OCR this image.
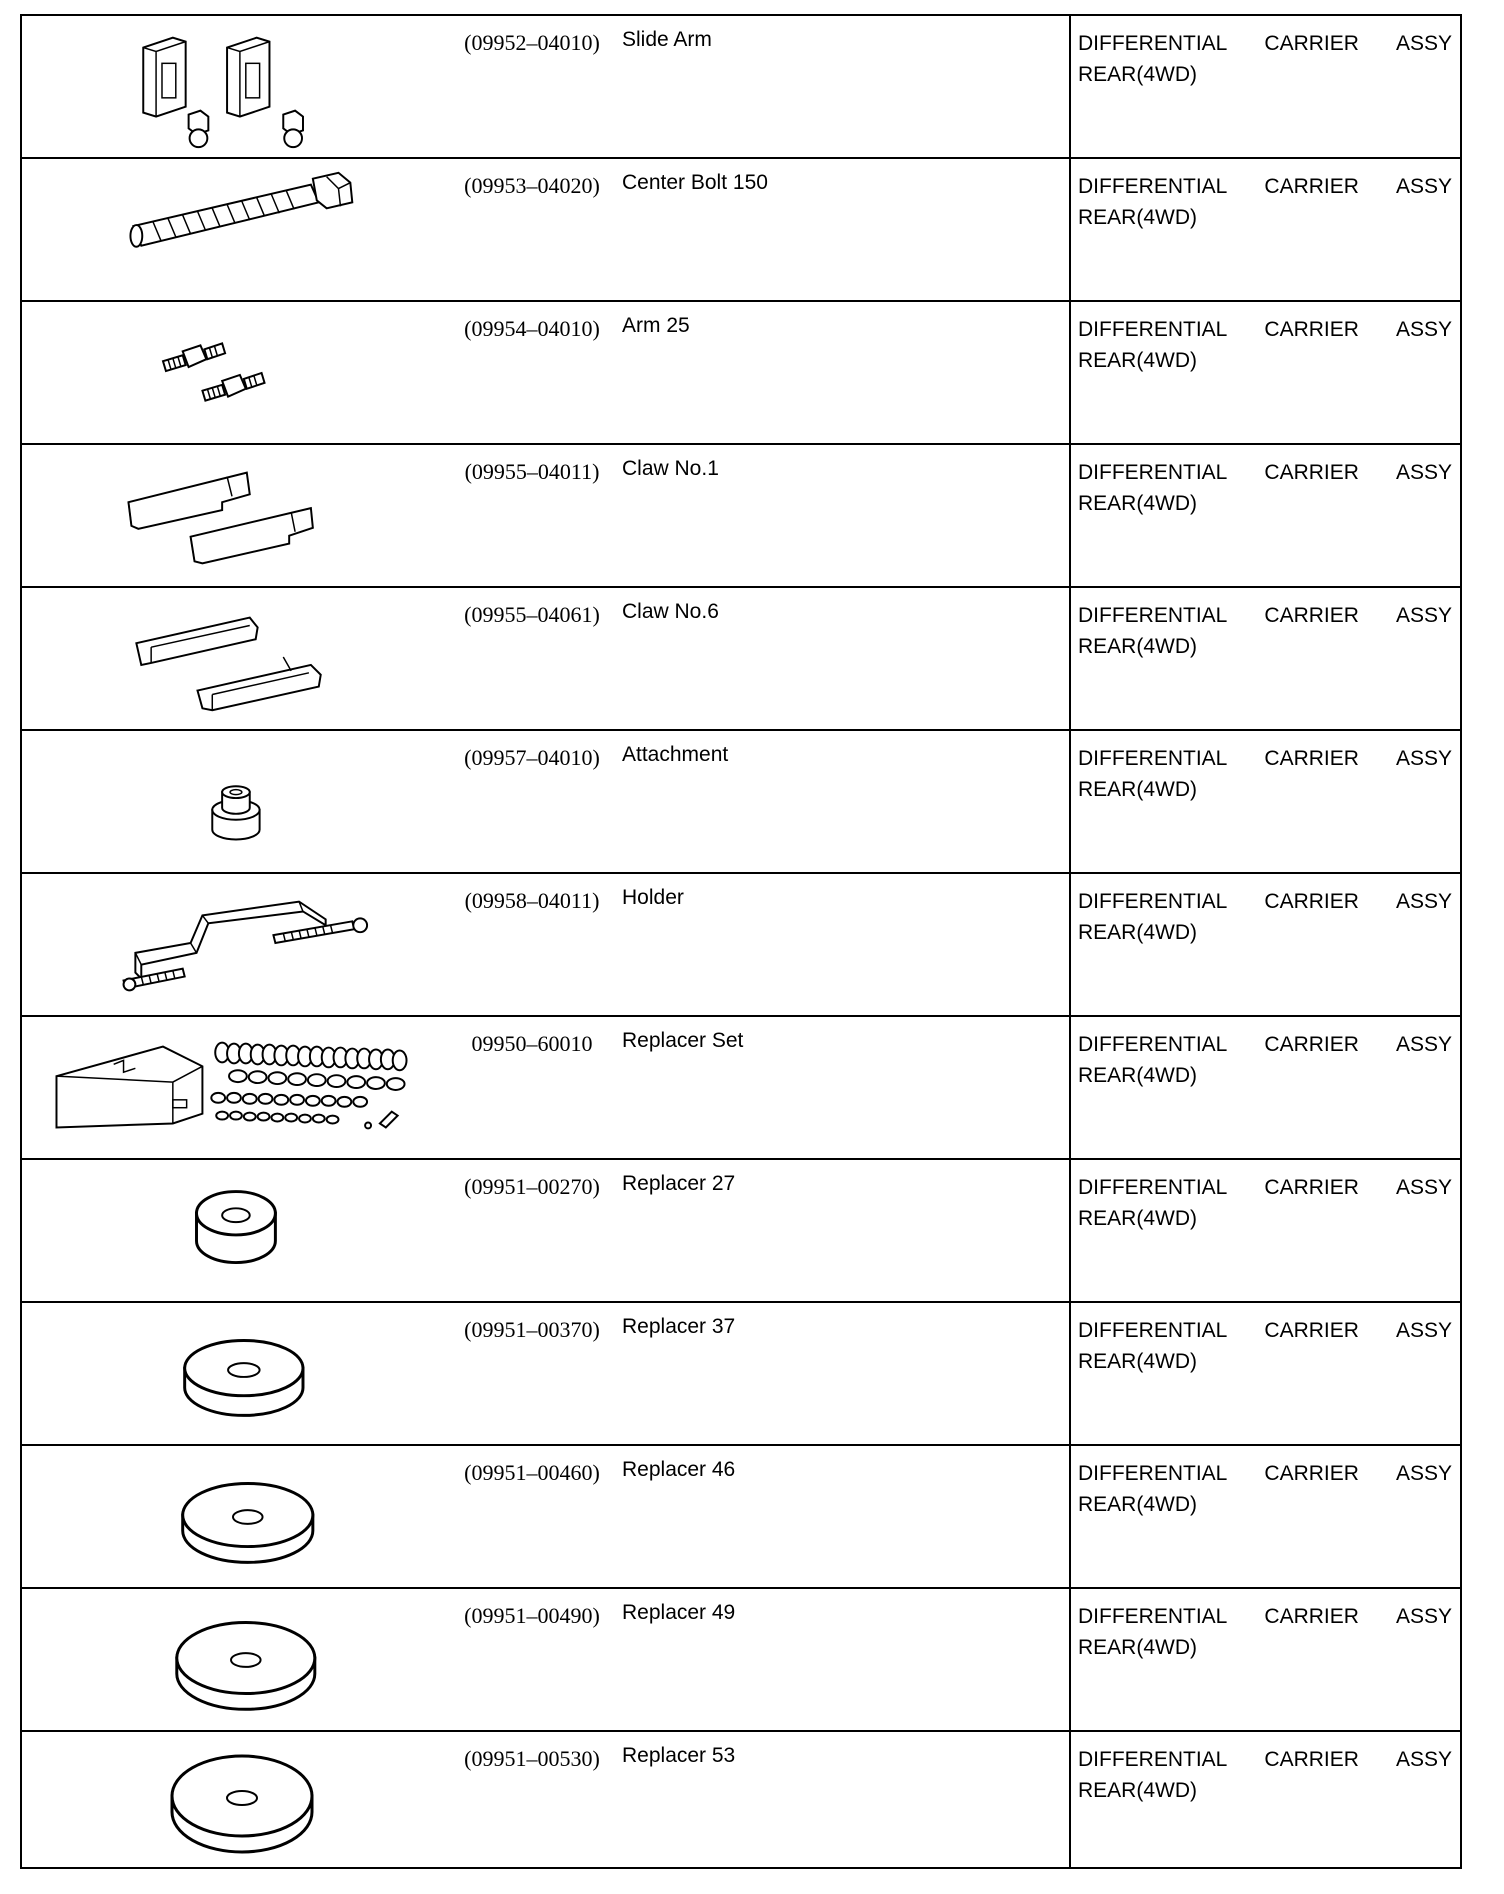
(09952–04010)	Slide Arm	DIFFERENTIAL CARRIER ASSY
REAR(4WD)
(09953–04020)	Center Bolt 150	DIFFERENTIAL CARRIER ASSY
REAR(4WD)
(09954–04010)	Arm 25	DIFFERENTIAL CARRIER ASSY
REAR(4WD)
(09955–04011)	Claw No.1	DIFFERENTIAL CARRIER ASSY
REAR(4WD)
(09955–04061)	Claw No.6	DIFFERENTIAL CARRIER ASSY
REAR(4WD)
(09957–04010)	Attachment	DIFFERENTIAL CARRIER ASSY
REAR(4WD)
(09958–04011)	Holder	DIFFERENTIAL CARRIER ASSY
REAR(4WD)
09950–60010	Replacer Set	DIFFERENTIAL CARRIER ASSY
REAR(4WD)
(09951–00270)	Replacer 27	DIFFERENTIAL CARRIER ASSY
REAR(4WD)
(09951–00370)	Replacer 37	DIFFERENTIAL CARRIER ASSY
REAR(4WD)
(09951–00460)	Replacer 46	DIFFERENTIAL CARRIER ASSY
REAR(4WD)
(09951–00490)	Replacer 49	DIFFERENTIAL CARRIER ASSY
REAR(4WD)
(09951–00530)	Replacer 53	DIFFERENTIAL CARRIER ASSY
REAR(4WD)
